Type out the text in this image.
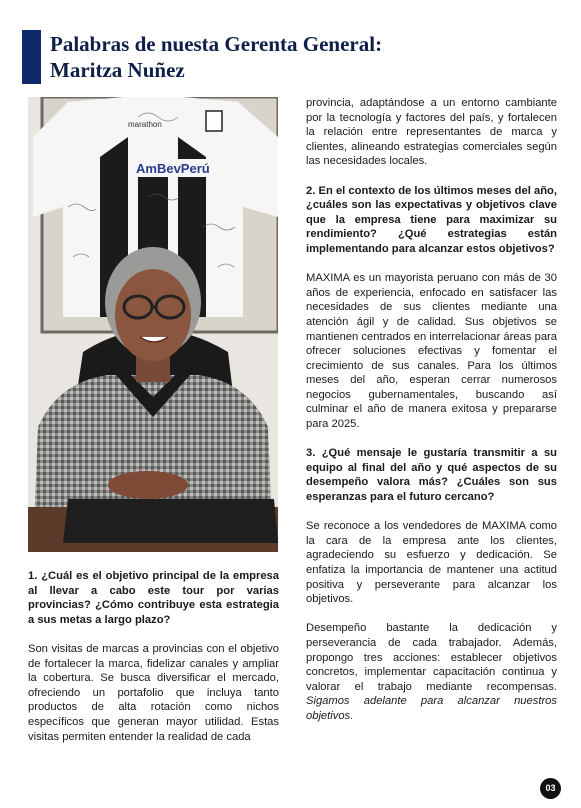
Palabras de nuesta Gerenta General:
Maritza Nuñez
marathon
AmBevPerú

1. ¿Cuál es el objetivo principal de la empresa al llevar a cabo este tour por varias provincias? ¿Cómo contribuye esta estrategia a sus metas a largo plazo?

Son visitas de marcas a provincias con el objetivo de fortalecer la marca, fidelizar canales y ampliar la cobertura. Se busca diversificar el mercado, ofreciendo un portafolio que incluya tanto productos de alta rotación como nichos específicos que generan mayor utilidad. Estas visitas permiten entender la realidad de cada

provincia, adaptándose a un entorno cambiante por la tecnología y factores del país, y fortalecen la relación entre representantes de marca y clientes, alineando estrategias comerciales según las necesidades locales.

2. En el contexto de los últimos meses del año, ¿cuáles son las expectativas y objetivos clave que la empresa tiene para maximizar su rendimiento? ¿Qué estrategias están implementando para alcanzar estos objetivos?

MAXIMA es un mayorista peruano con más de 30 años de experiencia, enfocado en satisfacer las necesidades de sus clientes mediante una atención ágil y de calidad. Sus objetivos se mantienen centrados en interrelacionar áreas para ofrecer soluciones efectivas y fomentar el crecimiento de sus canales. Para los últimos meses del año, esperan cerrar numerosos negocios gubernamentales, buscando así culminar el año de manera exitosa y prepararse para 2025.

3. ¿Qué mensaje le gustaría transmitir a su equipo al final del año y qué aspectos de su desempeño valora más? ¿Cuáles son sus esperanzas para el futuro cercano?

Se reconoce a los vendedores de MAXIMA como la cara de la empresa ante los clientes, agradeciendo su esfuerzo y dedicación. Se enfatiza la importancia de mantener una actitud positiva y perseverante para alcanzar los objetivos.

Desempeño bastante la dedicación y perseverancia de cada trabajador. Además, propongo tres acciones: establecer objetivos concretos, implementar capacitación continua y valorar el trabajo mediante recompensas. Sigamos adelante para alcanzar nuestros objetivos.

03
